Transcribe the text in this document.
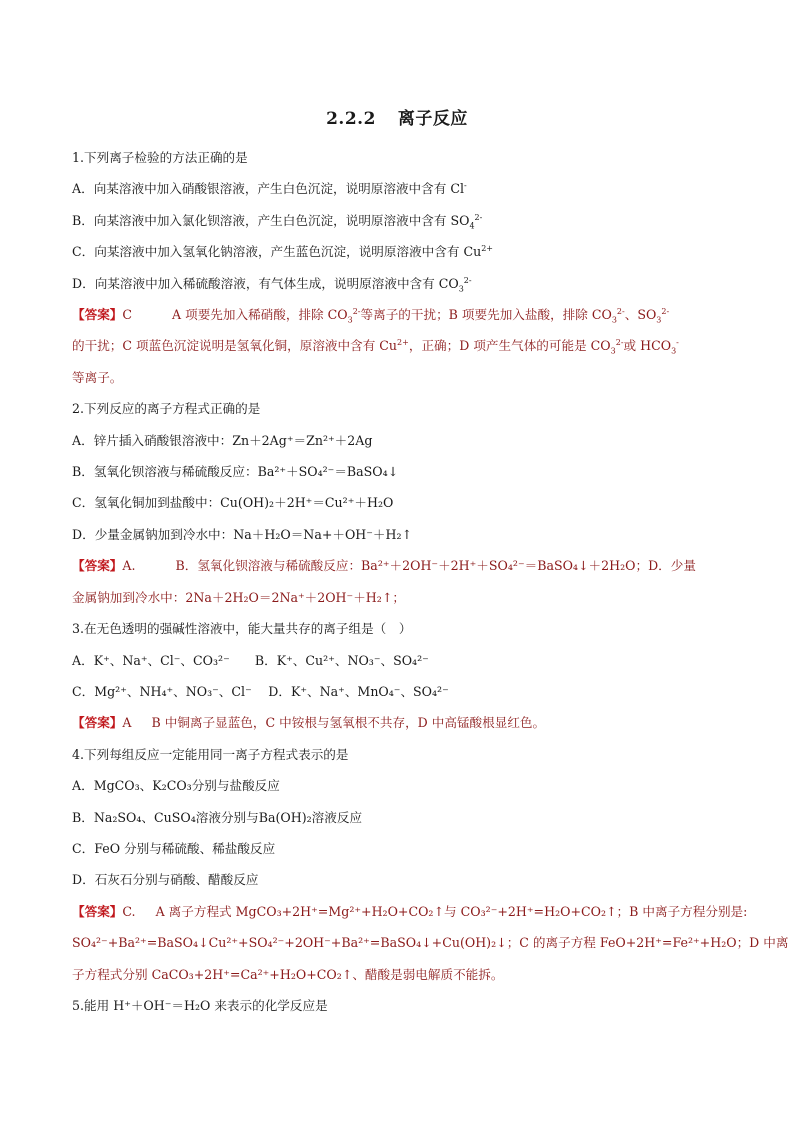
2.2.2 离子反应
1.下列离子检验的方法正确的是
A．向某溶液中加入硝酸银溶液，产生白色沉淀，说明原溶液中含有 Cl-
B．向某溶液中加入氯化钡溶液，产生白色沉淀，说明原溶液中含有 $SO_4^{2-}$
C．向某溶液中加入氢氧化钠溶液，产生蓝色沉淀，说明原溶液中含有 $Cu^{2+}$
D．向某溶液中加入稀硫酸溶液，有气体生成，说明原溶液中含有 $CO_3^{2-}$
【答案】C	A 项要先加入稀硝酸，排除 $CO_3^{2-}$等离子的干扰；B 项要先加入盐酸，排除 $CO_3^{2-}$、$SO_3^{2-}$
的干扰；C 项蓝色沉淀说明是氢氧化铜，原溶液中含有 $Cu^{2+}$，正确；D 项产生气体的可能是 $CO_3^{2-}$或 $HCO_3^-$
等离子。
2.下列反应的离子方程式正确的是
A．锌片插入硝酸银溶液中：Zn＋2Ag⁺＝Zn²⁺＋2Ag
B．氢氧化钡溶液与稀硫酸反应：Ba²⁺＋SO₄²⁻＝BaSO₄↓
C．氢氧化铜加到盐酸中：Cu(OH)₂＋2H⁺＝Cu²⁺＋H₂O
D．少量金属钠加到冷水中：Na＋H₂O＝Na+＋OH⁻＋H₂↑
【答案】A.	B．氢氧化钡溶液与稀硫酸反应：Ba²⁺＋2OH⁻＋2H⁺＋SO₄²⁻＝BaSO₄↓＋2H₂O；D．少量
金属钠加到冷水中：2Na＋2H₂O＝2Na⁺＋2OH⁻＋H₂↑；
3.在无色透明的强碱性溶液中，能大量共存的离子组是（　）
A．K⁺、Na⁺、Cl⁻、CO₃²⁻　　B．K⁺、Cu²⁺、NO₃⁻、SO₄²⁻
C．Mg²⁺、NH₄⁺、NO₃⁻、Cl⁻　 D．K⁺、Na⁺、MnO₄⁻、SO₄²⁻
【答案】A B 中铜离子显蓝色，C 中铵根与氢氧根不共存，D 中高锰酸根显红色。
4.下列每组反应一定能用同一离子方程式表示的是
A．MgCO₃、K₂CO₃分别与盐酸反应
B．Na₂SO₄、CuSO₄溶液分别与Ba(OH)₂溶液反应
C．FeO 分别与稀硫酸、稀盐酸反应
D．石灰石分别与硝酸、醋酸反应
【答案】C. A 离子方程式 MgCO₃+2H⁺=Mg²⁺+H₂O+CO₂↑与 CO₃²⁻+2H⁺=H₂O+CO₂↑；B 中离子方程分别是:
SO₄²⁻+Ba²⁺=BaSO₄↓Cu²⁺+SO₄²⁻+2OH⁻+Ba²⁺=BaSO₄↓+Cu(OH)₂↓；C 的离子方程 FeO+2H⁺=Fe²⁺+H₂O；D 中离
子方程式分别 CaCO₃+2H⁺=Ca²⁺+H₂O+CO₂↑、醋酸是弱电解质不能拆。
5.能用 H⁺＋OH⁻＝H₂O 来表示的化学反应是
